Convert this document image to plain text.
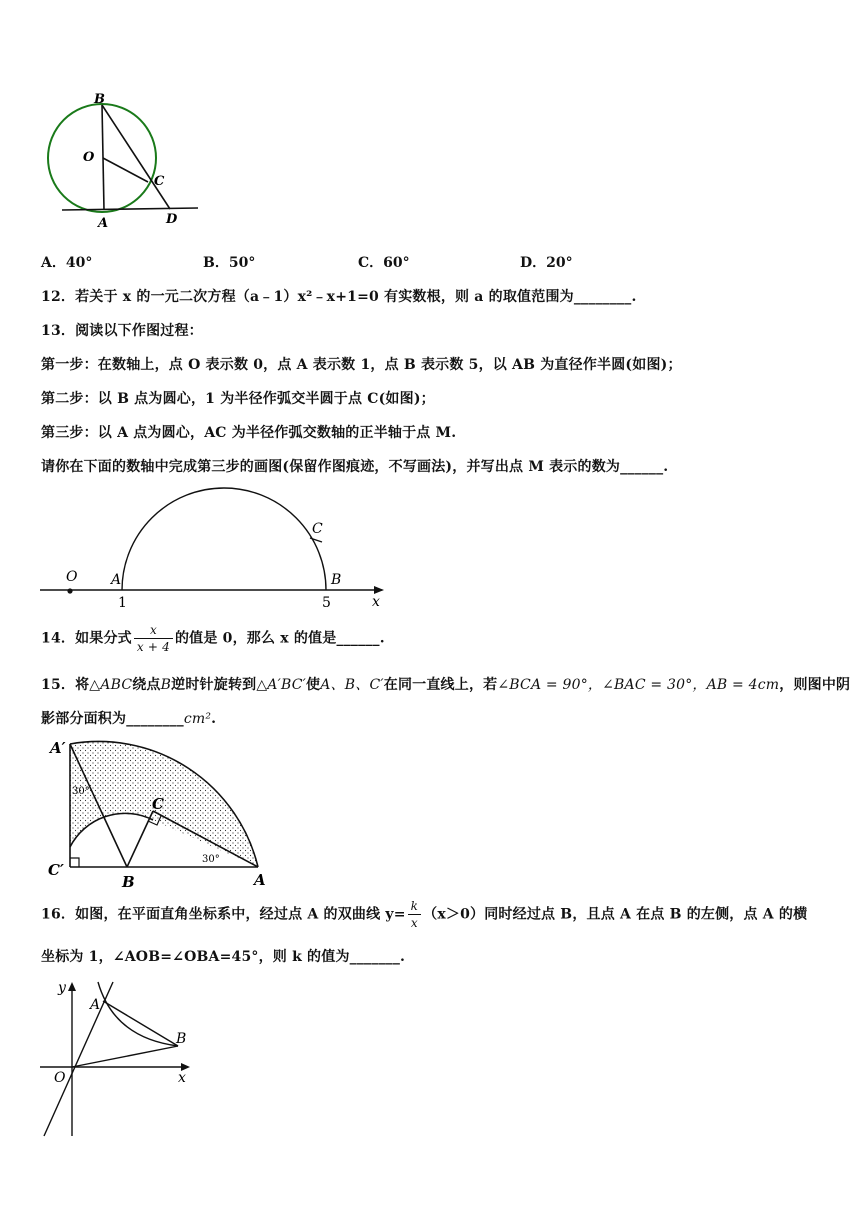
B
O
C
A	D
A．40°	B．50°	C．60°	D．20°
12．若关于 x 的一元二次方程（a﹣1）x²﹣x+1=0 有实数根，则 a 的取值范围为________.
13．阅读以下作图过程：
第一步：在数轴上，点 O 表示数 0，点 A 表示数 1，点 B 表示数 5，以 AB 为直径作半圆(如图)；
第二步：以 B 点为圆心，1 为半径作弧交半圆于点 C(如图)；
第三步：以 A 点为圆心，AC 为半径作弧交数轴的正半轴于点 M.
请你在下面的数轴中完成第三步的画图(保留作图痕迹，不写画法)，并写出点 M 表示的数为______.
O A	B
C
x
1	5
14．如果分式 $\frac{x}{x + 4}$ 的值是 0，那么 x 的值是______.
15．将△ABC绕点B逆时针旋转到△A′BC′使A、B、C′在同一直线上，若∠BCA = 90°，∠BAC = 30°，AB = 4cm，则图中阴
影部分面积为________cm².
A′
C′
B	A
C
30°
30°
16．如图，在平面直角坐标系中，经过点 A 的双曲线 $y= \frac{k}{x} (x>0)$同时经过点 B，且点 A 在点 B 的左侧，点 A 的横
坐标为 1，∠AOB=∠OBA=45°，则 k 的值为_______.
y
A
B
O	x
